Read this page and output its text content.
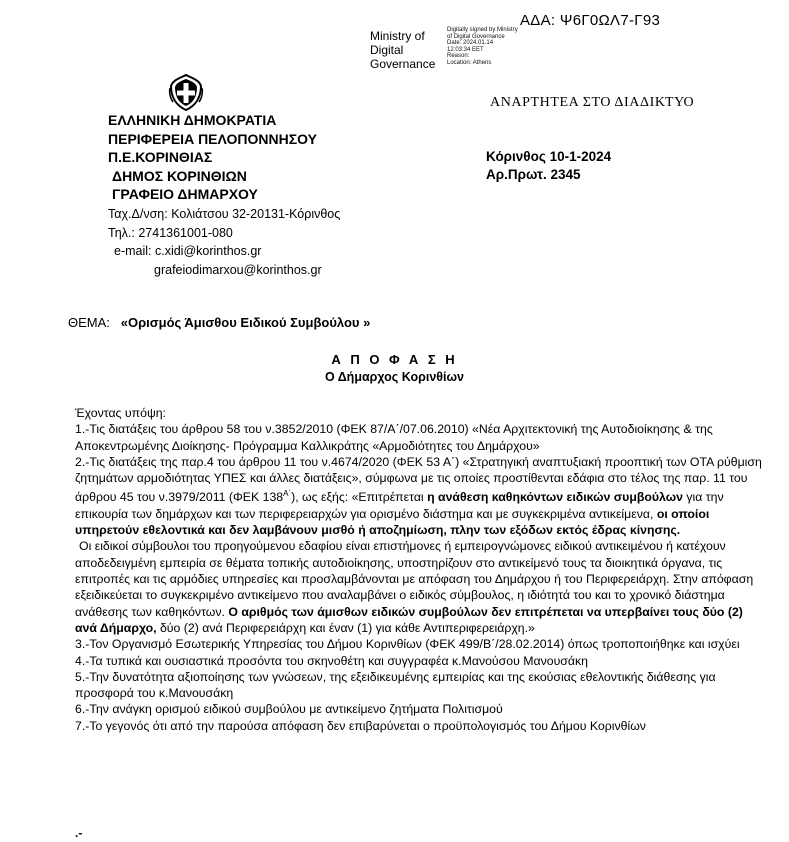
ΑΔΑ: Ψ6Γ0ΩΛ7-Γ93
Ministry of
Digital
Governance
Digitally signed by Ministry
of Digital Governance
Date: 2024.01.14
12:03:34 EET
Reason:
Location: Athens
ΑΝΑΡΤΗΤΕΑ ΣΤΟ ΔΙΑΔΙΚΤΥΟ
ΕΛΛΗΝΙΚΗ ΔΗΜΟΚΡΑΤΙΑ
ΠΕΡΙΦΕΡΕΙΑ ΠΕΛΟΠΟΝΝΗΣΟΥ
Π.Ε.ΚΟΡΙΝΘΙΑΣ
ΔΗΜΟΣ ΚΟΡΙΝΘΙΩΝ
ΓΡΑΦΕΙΟ ΔΗΜΑΡΧΟΥ
Κόρινθος 10-1-2024
Αρ.Πρωτ. 2345
Ταχ.Δ/νση: Κολιάτσου 32-20131-Κόρινθος
Τηλ.: 2741361001-080
e-mail: c.xidi@korinthos.gr
grafeiodimarxou@korinthos.gr
ΘΕΜΑ: «Ορισμός Άμισθου Ειδικού Συμβούλου »
Α Π Ο Φ Α Σ Η
Ο Δήμαρχος Κορινθίων

Έχοντας υπόψη:

1.-Τις διατάξεις του άρθρου 58 του ν.3852/2010 (ΦΕΚ 87/Α΄/07.06.2010) «Νέα Αρχιτεκτονική της Αυτοδιοίκησης & της Αποκεντρωμένης Διοίκησης- Πρόγραμμα Καλλικράτης «Αρμοδιότητες του Δημάρχου»

2.-Τις διατάξεις της παρ.4 του άρθρου 11 του ν.4674/2020 (ΦΕΚ 53 Α΄) «Στρατηγική αναπτυξιακή προοπτική των ΟΤΑ ρύθμιση ζητημάτων αρμοδιότητας ΥΠΕΣ και άλλες διατάξεις», σύμφωνα με τις οποίες προστίθενται εδάφια στο τέλος της παρ. 11 του άρθρου 45 του ν.3979/2011 (ΦΕΚ $138^{A΄}$), ως εξής: «Επιτρέπεται η ανάθεση καθηκόντων ειδικών συμβούλων για την επικουρία των δημάρχων και των περιφερειαρχών για ορισμένο διάστημα και με συγκεκριμένα αντικείμενα, οι οποίοι υπηρετούν εθελοντικά και δεν λαμβάνουν μισθό ή αποζημίωση, πλην των εξόδων εκτός έδρας κίνησης.

Οι ειδικοί σύμβουλοι του προηγούμενου εδαφίου είναι επιστήμονες ή εμπειρογνώμονες ειδικού αντικειμένου ή κατέχουν αποδεδειγμένη εμπειρία σε θέματα τοπικής αυτοδιοίκησης, υποστηρίζουν στο αντικείμενό τους τα διοικητικά όργανα, τις επιτροπές και τις αρμόδιες υπηρεσίες και προσλαμβάνονται με απόφαση του Δημάρχου ή του Περιφερειάρχη. Στην απόφαση εξειδικεύεται το συγκεκριμένο αντικείμενο που αναλαμβάνει ο ειδικός σύμβουλος, η ιδιότητά του και το χρονικό διάστημα ανάθεσης των καθηκόντων. Ο αριθμός των άμισθων ειδικών συμβούλων δεν επιτρέπεται να υπερβαίνει τους δύο (2) ανά Δήμαρχο, δύο (2) ανά Περιφερειάρχη και έναν (1) για κάθε Αντιπεριφερειάρχη.»

3.-Τον Οργανισμό Εσωτερικής Υπηρεσίας του Δήμου Κορινθίων (ΦΕΚ 499/Β΄/28.02.2014) όπως τροποποιήθηκε και ισχύει

4.-Τα τυπικά και ουσιαστικά προσόντα του σκηνοθέτη και συγγραφέα κ.Μανούσου Μανουσάκη

5.-Την δυνατότητα αξιοποίησης των γνώσεων, της εξειδικευμένης εμπειρίας και της εκούσιας εθελοντικής διάθεσης για προσφορά του κ.Μανουσάκη

6.-Την ανάγκη ορισμού ειδικού συμβούλου με αντικείμενο ζητήματα Πολιτισμού

7.-Το γεγονός ότι από την παρούσα απόφαση δεν επιβαρύνεται ο προϋπολογισμός του Δήμου Κορινθίων

.-
